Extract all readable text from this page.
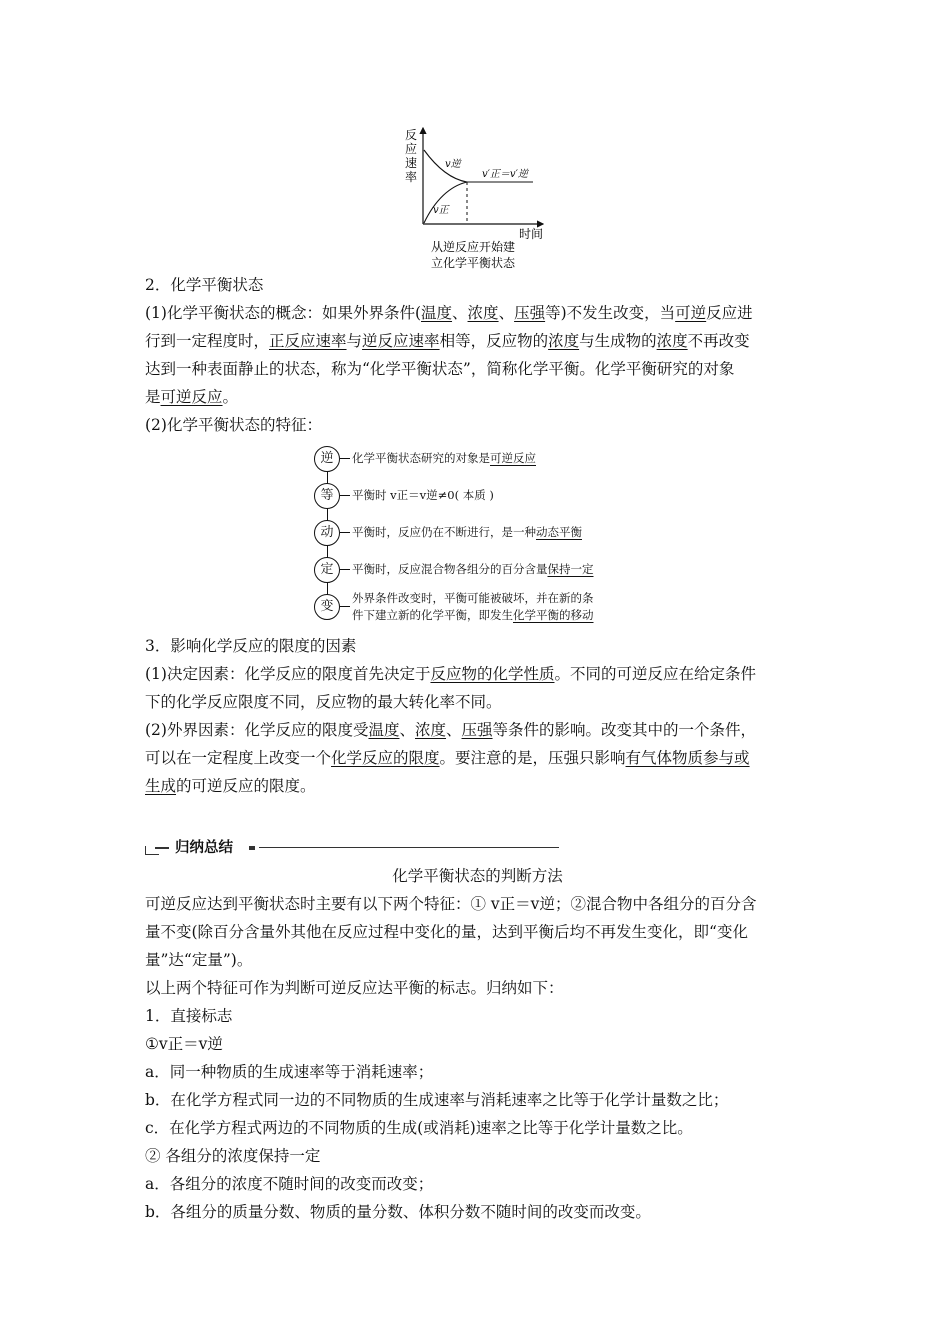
反
应
速
率
v逆
v正
v′正＝v′逆
时间
从逆反应开始建
立化学平衡状态

2．化学平衡状态

(1)化学平衡状态的概念：如果外界条件(温度、浓度、压强等)不发生改变，当可逆反应进

行到一定程度时，正反应速率与逆反应速率相等，反应物的浓度与生成物的浓度不再改变

达到一种表面静止的状态，称为“化学平衡状态”，简称化学平衡。化学平衡研究的对象

是可逆反应。

(2)化学平衡状态的特征：

逆	化学平衡状态研究的对象是可逆反应
等	平衡时 v正＝v逆≠0( 本质 )
动	平衡时，反应仍在不断进行，是一种动态平衡
定	平衡时，反应混合物各组分的百分含量保持一定
变
外界条件改变时，平衡可能被破坏，并在新的条
件下建立新的化学平衡，即发生化学平衡的移动

3．影响化学反应的限度的因素

(1)决定因素：化学反应的限度首先决定于反应物的化学性质。不同的可逆反应在给定条件

下的化学反应限度不同，反应物的最大转化率不同。

(2)外界因素：化学反应的限度受温度、浓度、压强等条件的影响。改变其中的一个条件，

可以在一定程度上改变一个化学反应的限度。要注意的是，压强只影响有气体物质参与或

生成的可逆反应的限度。

归纳总结
化学平衡状态的判断方法

可逆反应达到平衡状态时主要有以下两个特征：① v正＝v逆；②混合物中各组分的百分含

量不变(除百分含量外其他在反应过程中变化的量，达到平衡后均不再发生变化，即“变化

量”达“定量”)。

以上两个特征可作为判断可逆反应达平衡的标志。归纳如下：

1．直接标志

①v正＝v逆

a．同一种物质的生成速率等于消耗速率；

b．在化学方程式同一边的不同物质的生成速率与消耗速率之比等于化学计量数之比；

c．在化学方程式两边的不同物质的生成(或消耗)速率之比等于化学计量数之比。

② 各组分的浓度保持一定

a．各组分的浓度不随时间的改变而改变；

b．各组分的质量分数、物质的量分数、体积分数不随时间的改变而改变。
